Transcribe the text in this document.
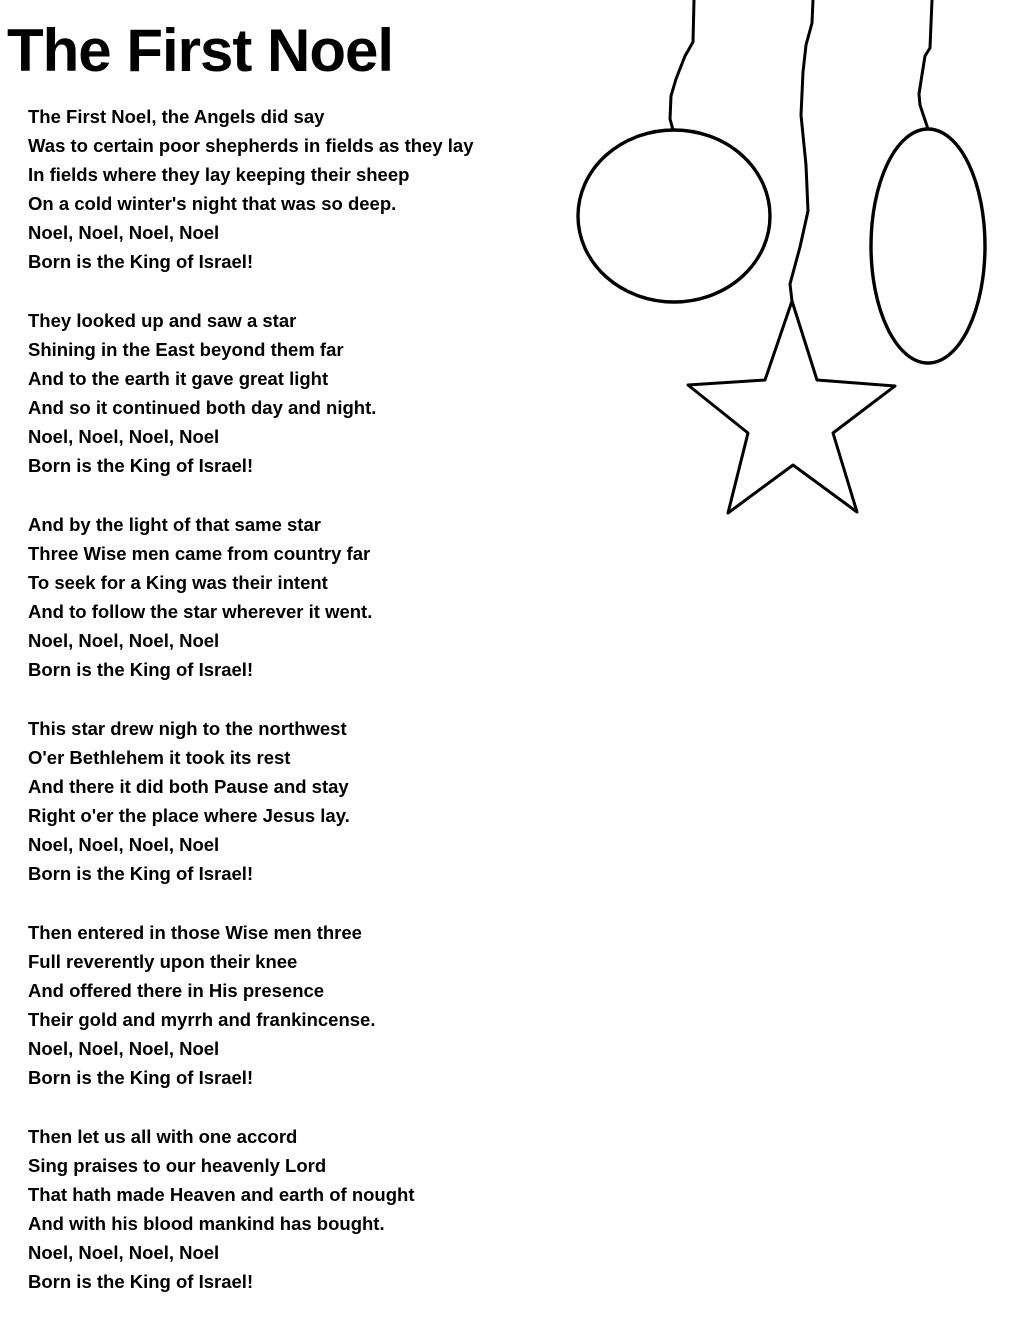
The First Noel
The First Noel, the Angels did say
Was to certain poor shepherds in fields as they lay
In fields where they lay keeping their sheep
On a cold winter's night that was so deep.
Noel, Noel, Noel, Noel
Born is the King of Israel!
They looked up and saw a star
Shining in the East beyond them far
And to the earth it gave great light
And so it continued both day and night.
Noel, Noel, Noel, Noel
Born is the King of Israel!
And by the light of that same star
Three Wise men came from country far
To seek for a King was their intent
And to follow the star wherever it went.
Noel, Noel, Noel, Noel
Born is the King of Israel!
This star drew nigh to the northwest
O'er Bethlehem it took its rest
And there it did both Pause and stay
Right o'er the place where Jesus lay.
Noel, Noel, Noel, Noel
Born is the King of Israel!
Then entered in those Wise men three
Full reverently upon their knee
And offered there in His presence
Their gold and myrrh and frankincense.
Noel, Noel, Noel, Noel
Born is the King of Israel!
Then let us all with one accord
Sing praises to our heavenly Lord
That hath made Heaven and earth of nought
And with his blood mankind has bought.
Noel, Noel, Noel, Noel
Born is the King of Israel!
